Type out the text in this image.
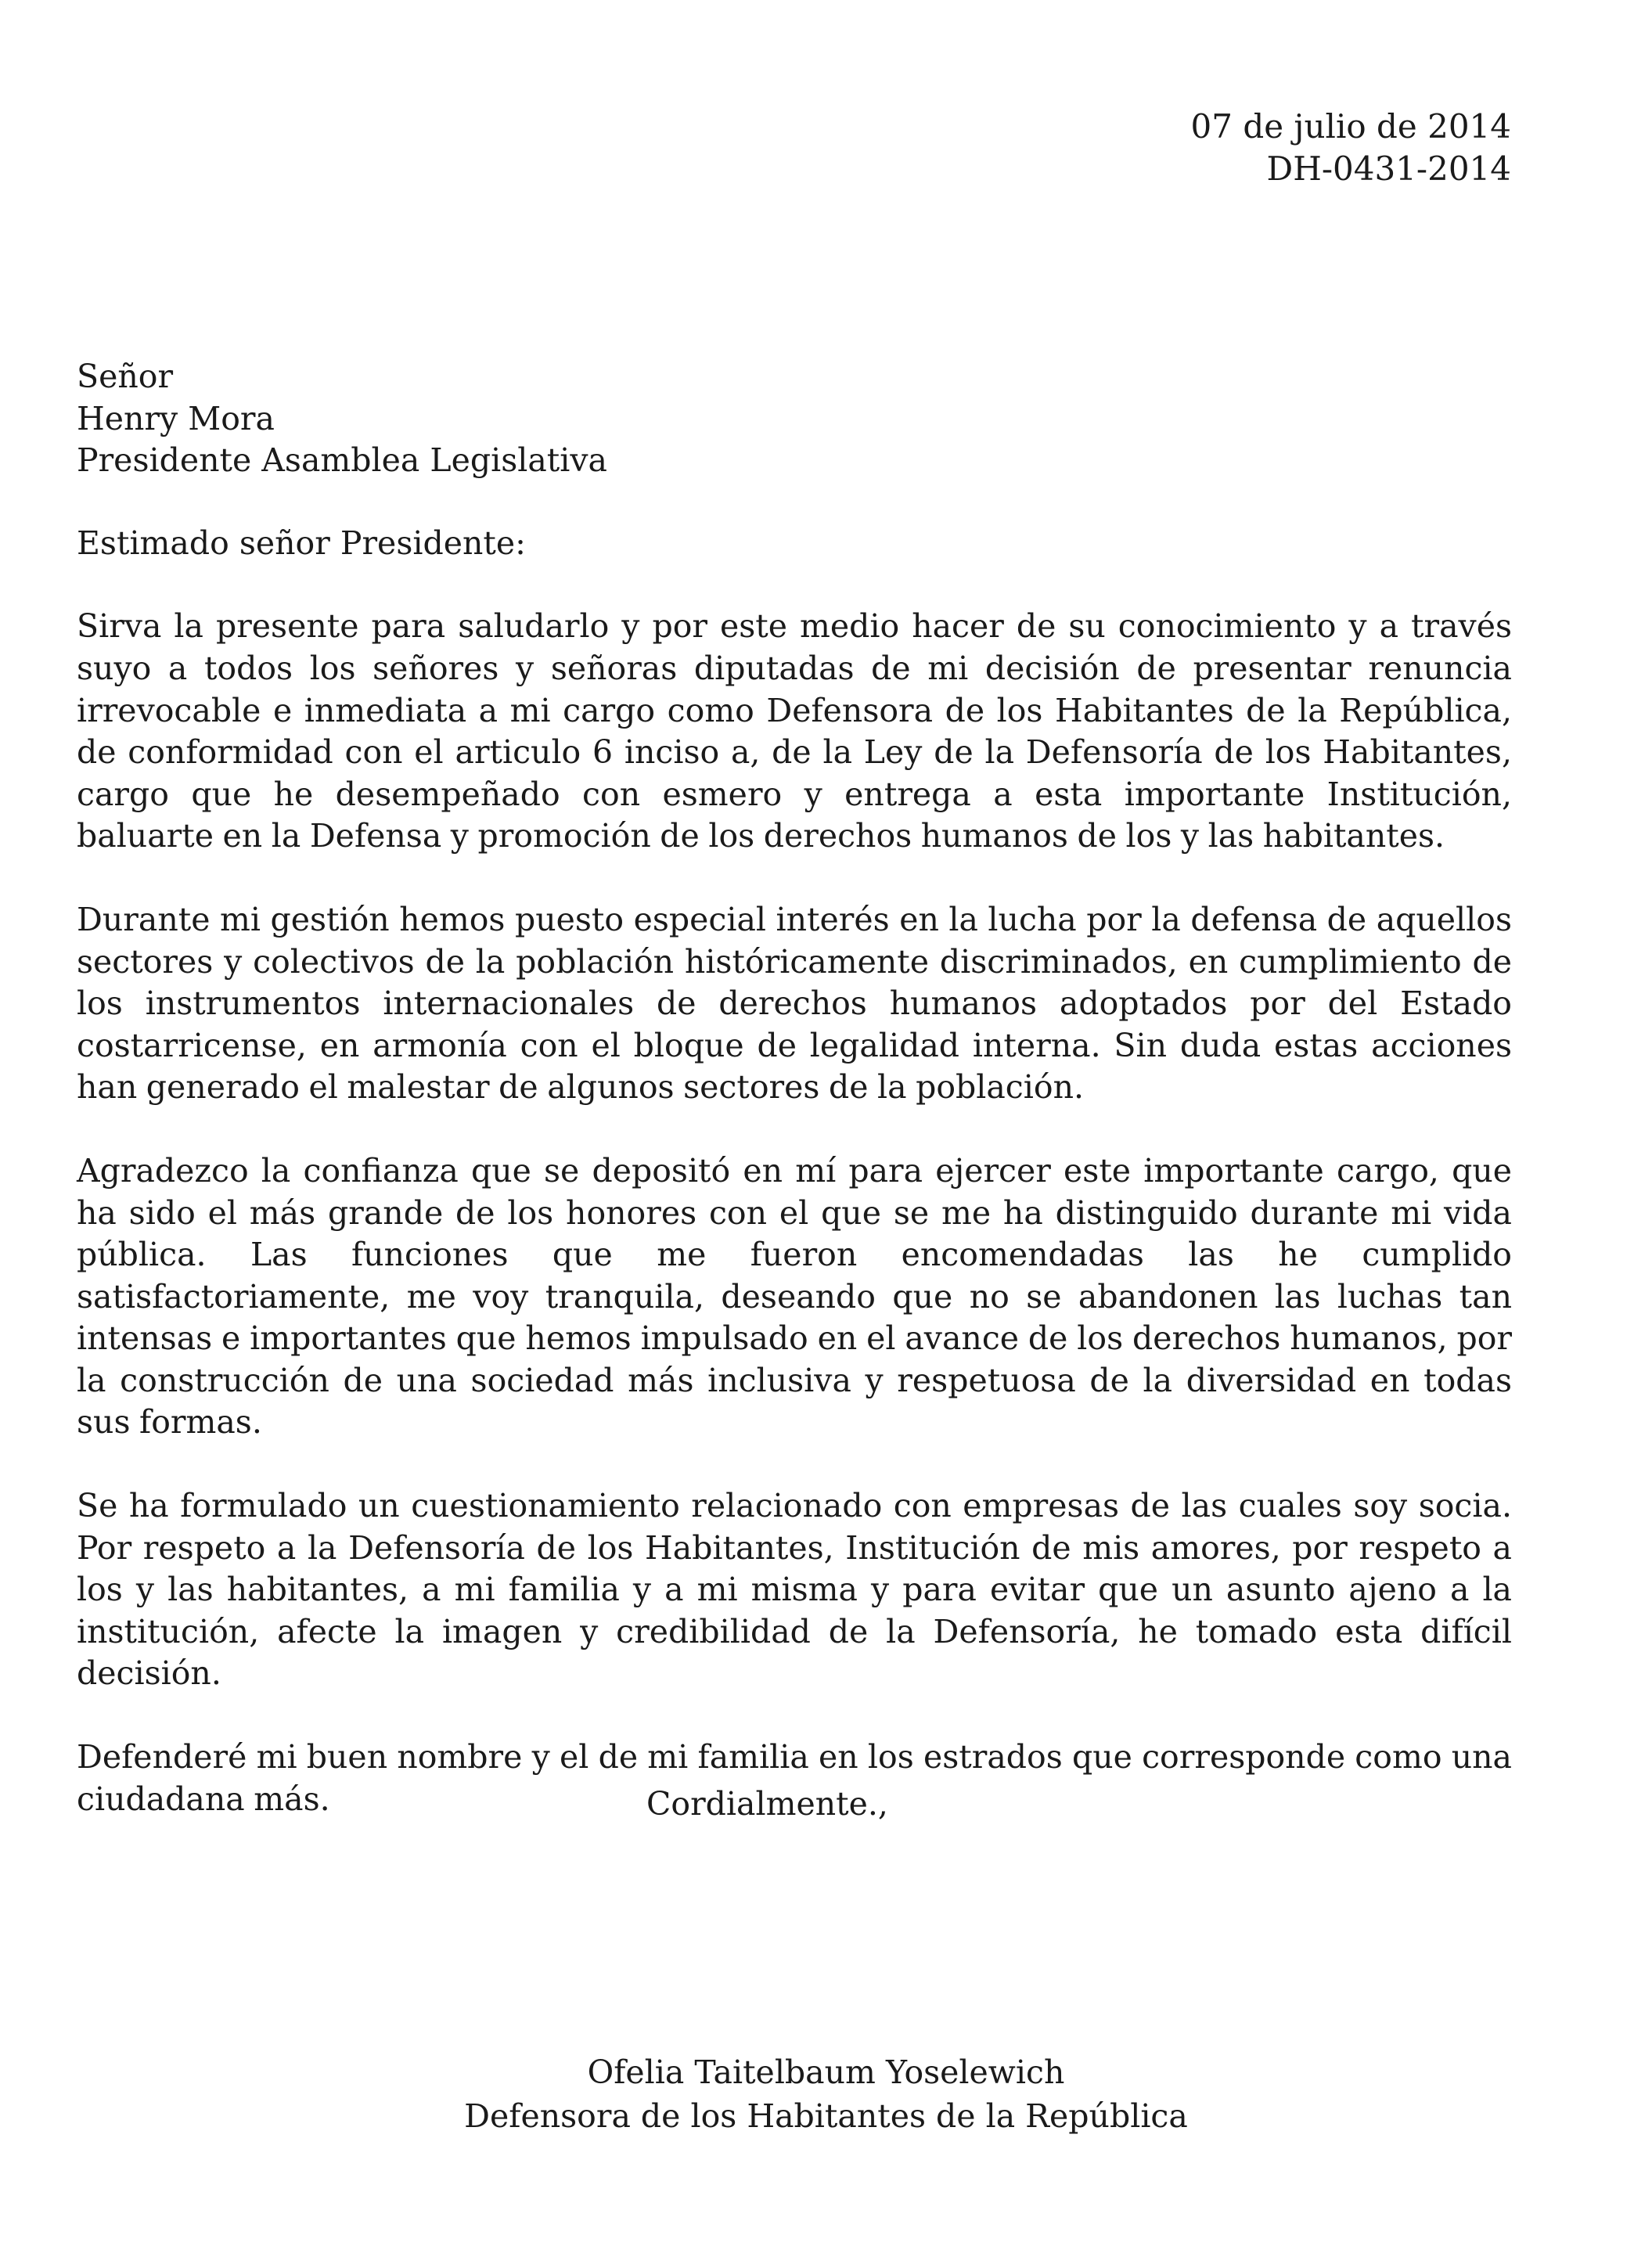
07 de julio de 2014
DH-0431-2014
Señor
Henry Mora
Presidente Asamblea Legislativa
Estimado señor Presidente:
Sirva la presente para saludarlo y por este medio hacer de su conocimiento y a través suyo a todos los señores y señoras diputadas de mi decisión de presentar renuncia irrevocable e inmediata a mi cargo como Defensora de los Habitantes de la República, de conformidad con el articulo 6 inciso a, de la Ley de la Defensoría de los Habitantes, cargo que he desempeñado con esmero y entrega a esta importante Institución, baluarte en la Defensa y promoción de los derechos humanos de los y las habitantes.
Durante mi gestión hemos puesto especial interés en la lucha por la defensa de aquellos sectores y colectivos de la población históricamente discriminados, en cumplimiento de los instrumentos internacionales de derechos humanos adoptados por del Estado costarricense, en armonía con el bloque de legalidad interna. Sin duda estas acciones han generado el malestar de algunos sectores de la población.
Agradezco la confianza que se depositó en mí para ejercer este importante cargo, que ha sido el más grande de los honores con el que se me ha distinguido durante mi vida pública. Las funciones que me fueron encomendadas las he cumplido satisfactoriamente, me voy tranquila, deseando que no se abandonen las luchas tan intensas e importantes que hemos impulsado en el avance de los derechos humanos, por la construcción de una sociedad más inclusiva y respetuosa de la diversidad en todas sus formas.
Se ha formulado un cuestionamiento relacionado con empresas de las cuales soy socia. Por respeto a la Defensoría de los Habitantes, Institución de mis amores, por respeto a los y las habitantes, a mi familia y a mi misma y para evitar que un asunto ajeno a la institución, afecte la imagen y credibilidad de la Defensoría, he tomado esta difícil decisión.
Defenderé mi buen nombre y el de mi familia en los estrados que corresponde como una ciudadana más.	Cordialmente.,
Ofelia Taitelbaum Yoselewich
Defensora de los Habitantes de la República
